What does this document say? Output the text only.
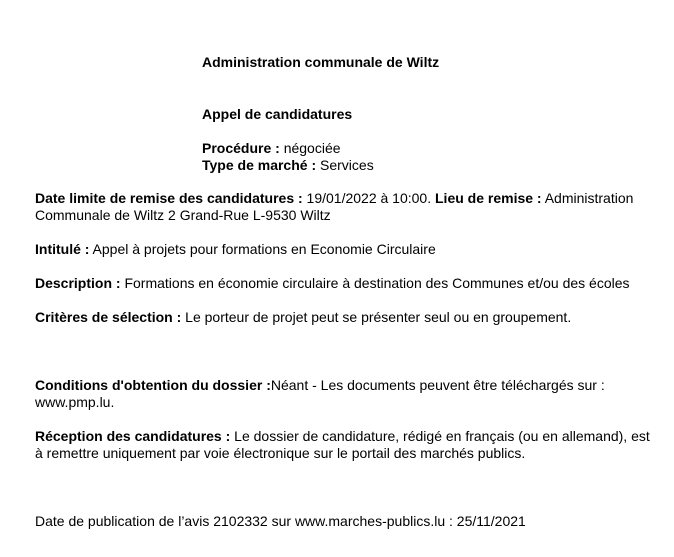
Administration communale de Wiltz
Appel de candidatures
Procédure : négociée
Type de marché : Services
Date limite de remise des candidatures : 19/01/2022 à 10:00. Lieu de remise : Administration Communale de Wiltz 2 Grand-Rue L-9530 Wiltz
Intitulé : Appel à projets pour formations en Economie Circulaire
Description : Formations en économie circulaire à destination des Communes et/ou des écoles
Critères de sélection : Le porteur de projet peut se présenter seul ou en groupement.
Conditions d'obtention du dossier :Néant - Les documents peuvent être téléchargés sur : www.pmp.lu.
Réception des candidatures : Le dossier de candidature, rédigé en français (ou en allemand), est à remettre uniquement par voie électronique sur le portail des marchés publics.
Date de publication de l’avis 2102332 sur www.marches-publics.lu : 25/11/2021
